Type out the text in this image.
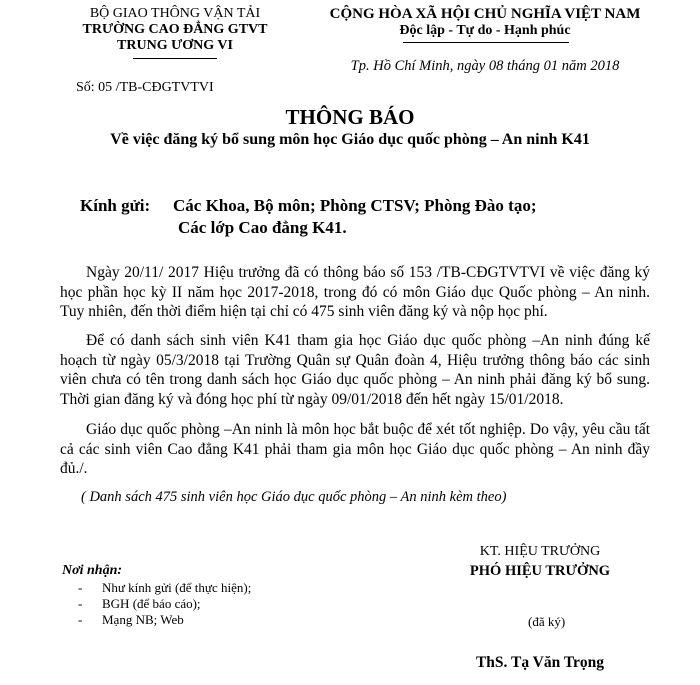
BỘ GIAO THÔNG VẬN TẢI
TRƯỜNG CAO ĐẲNG GTVT
TRUNG ƯƠNG VI
Số: 05 /TB-CĐGTVTVI
CỘNG HÒA XÃ HỘI CHỦ NGHĨA VIỆT NAM
Độc lập - Tự do - Hạnh phúc
Tp. Hồ Chí Minh, ngày 08 tháng 01 năm 2018
THÔNG BÁO
Về việc đăng ký bổ sung môn học Giáo dục quốc phòng – An ninh K41
Kính gửi: Các Khoa, Bộ môn; Phòng CTSV; Phòng Đào tạo;
Các lớp Cao đẳng K41.
Ngày 20/11/ 2017 Hiệu trưởng đã có thông báo số 153 /TB-CĐGTVTVI về việc đăng ký học phần học kỳ II năm học 2017-2018, trong đó có môn Giáo dục Quốc phòng – An ninh. Tuy nhiên, đến thời điểm hiện tại chỉ có 475 sinh viên đăng ký và nộp học phí.
Để có danh sách sinh viên K41 tham gia học Giáo dục quốc phòng –An ninh đúng kế hoạch từ ngày 05/3/2018 tại Trường Quân sự Quân đoàn 4, Hiệu trưởng thông báo các sinh viên chưa có tên trong danh sách học Giáo dục quốc phòng – An ninh phải đăng ký bổ sung. Thời gian đăng ký và đóng học phí từ ngày 09/01/2018 đến hết ngày 15/01/2018.
Giáo dục quốc phòng –An ninh là môn học bắt buộc để xét tốt nghiệp. Do vậy, yêu cầu tất cả các sinh viên Cao đẳng K41 phải tham gia môn học Giáo dục quốc phòng – An ninh đầy đủ./.
( Danh sách 475 sinh viên học Giáo dục quốc phòng – An ninh kèm theo)
KT. HIỆU TRƯỞNG
PHÓ HIỆU TRƯỞNG
(đã ký)
ThS. Tạ Văn Trọng
Nơi nhận:
-	Như kính gửi (để thực hiện);
-	BGH (để báo cáo);
-	Mạng NB; Web
